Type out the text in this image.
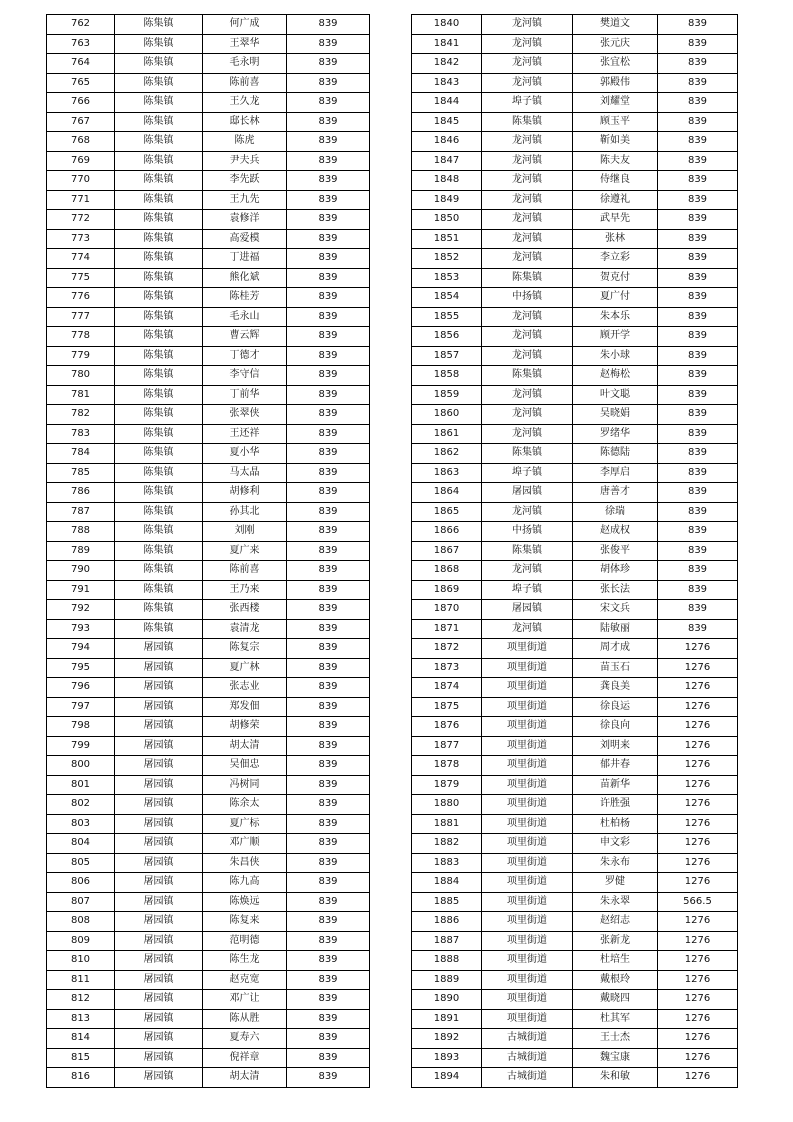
762	陈集镇	何广成	839
763	陈集镇	王翠华	839
764	陈集镇	毛永明	839
765	陈集镇	陈前喜	839
766	陈集镇	王久龙	839
767	陈集镇	邸长林	839
768	陈集镇	陈虎	839
769	陈集镇	尹夫兵	839
770	陈集镇	李先跃	839
771	陈集镇	王九先	839
772	陈集镇	袁修洋	839
773	陈集镇	高爱模	839
774	陈集镇	丁进福	839
775	陈集镇	熊化斌	839
776	陈集镇	陈桂芳	839
777	陈集镇	毛永山	839
778	陈集镇	曹云辉	839
779	陈集镇	丁德才	839
780	陈集镇	李守信	839
781	陈集镇	丁前华	839
782	陈集镇	张翠侠	839
783	陈集镇	王还祥	839
784	陈集镇	夏小华	839
785	陈集镇	马太晶	839
786	陈集镇	胡修利	839
787	陈集镇	孙其北	839
788	陈集镇	刘刚	839
789	陈集镇	夏广来	839
790	陈集镇	陈前喜	839
791	陈集镇	王乃来	839
792	陈集镇	张西楼	839
793	陈集镇	袁清龙	839
794	屠园镇	陈复宗	839
795	屠园镇	夏广林	839
796	屠园镇	张志业	839
797	屠园镇	郑发佃	839
798	屠园镇	胡修荣	839
799	屠园镇	胡太清	839
800	屠园镇	吴佃忠	839
801	屠园镇	冯树同	839
802	屠园镇	陈余太	839
803	屠园镇	夏广标	839
804	屠园镇	邓广顺	839
805	屠园镇	朱昌侠	839
806	屠园镇	陈九高	839
807	屠园镇	陈焕远	839
808	屠园镇	陈复来	839
809	屠园镇	范明德	839
810	屠园镇	陈生龙	839
811	屠园镇	赵克宽	839
812	屠园镇	邓广让	839
813	屠园镇	陈从胜	839
814	屠园镇	夏寿六	839
815	屠园镇	倪祥章	839
816	屠园镇	胡太清	839
1840	龙河镇	樊道文	839
1841	龙河镇	张元庆	839
1842	龙河镇	张宜松	839
1843	龙河镇	郭殿伟	839
1844	埠子镇	刘耀堂	839
1845	陈集镇	顾玉平	839
1846	龙河镇	靳如美	839
1847	龙河镇	陈夫友	839
1848	龙河镇	侍继良	839
1849	龙河镇	徐遵礼	839
1850	龙河镇	武早先	839
1851	龙河镇	张林	839
1852	龙河镇	李立彩	839
1853	陈集镇	贺克付	839
1854	中扬镇	夏广付	839
1855	龙河镇	朱本乐	839
1856	龙河镇	顾开学	839
1857	龙河镇	朱小球	839
1858	陈集镇	赵梅松	839
1859	龙河镇	叶文聪	839
1860	龙河镇	吴晓娟	839
1861	龙河镇	罗绪华	839
1862	陈集镇	陈德陆	839
1863	埠子镇	李厚启	839
1864	屠园镇	唐善才	839
1865	龙河镇	徐瑞	839
1866	中扬镇	赵成权	839
1867	陈集镇	张俊平	839
1868	龙河镇	胡体珍	839
1869	埠子镇	张长法	839
1870	屠园镇	宋文兵	839
1871	龙河镇	陆敏丽	839
1872	项里街道	周才成	1276
1873	项里街道	苗玉石	1276
1874	项里街道	龚良美	1276
1875	项里街道	徐良运	1276
1876	项里街道	徐良向	1276
1877	项里街道	刘明来	1276
1878	项里街道	郁井春	1276
1879	项里街道	苗新华	1276
1880	项里街道	许胜强	1276
1881	项里街道	杜柏杨	1276
1882	项里街道	申文彩	1276
1883	项里街道	朱永布	1276
1884	项里街道	罗健	1276
1885	项里街道	朱永翠	566.5
1886	项里街道	赵绍志	1276
1887	项里街道	张新龙	1276
1888	项里街道	杜培生	1276
1889	项里街道	戴根玲	1276
1890	项里街道	戴晓四	1276
1891	项里街道	杜其军	1276
1892	古城街道	王士杰	1276
1893	古城街道	魏宝康	1276
1894	古城街道	朱和敏	1276
